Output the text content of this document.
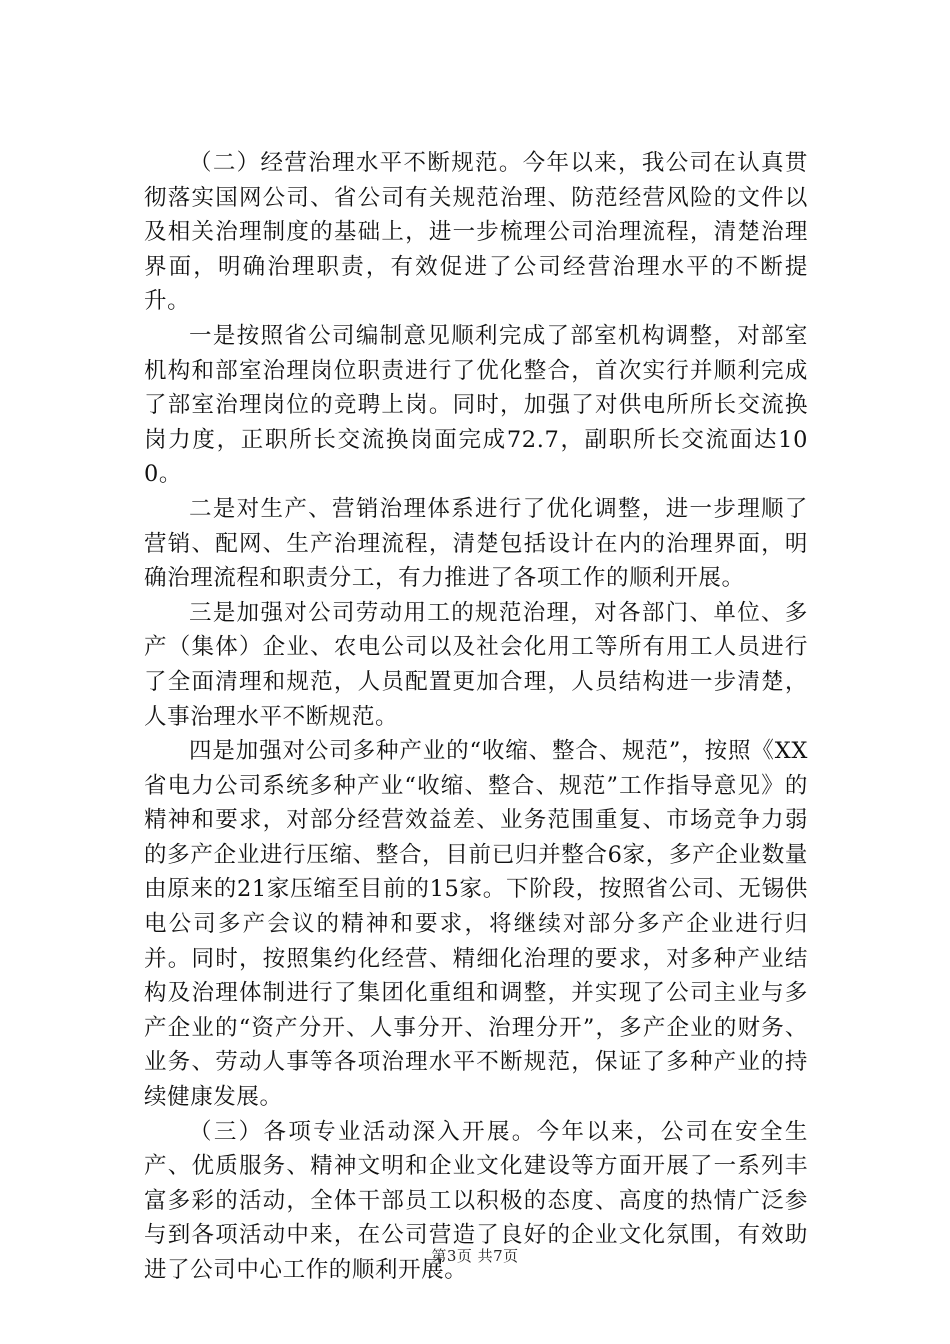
（二）经营治理水平不断规范。今年以来，我公司在认真贯彻落实国网公司、省公司有关规范治理、防范经营风险的文件以及相关治理制度的基础上，进一步梳理公司治理流程，清楚治理界面，明确治理职责，有效促进了公司经营治理水平的不断提升。

一是按照省公司编制意见顺利完成了部室机构调整，对部室机构和部室治理岗位职责进行了优化整合，首次实行并顺利完成了部室治理岗位的竞聘上岗。同时，加强了对供电所所长交流换岗力度，正职所长交流换岗面完成72.7，副职所长交流面达100。

二是对生产、营销治理体系进行了优化调整，进一步理顺了营销、配网、生产治理流程，清楚包括设计在内的治理界面，明确治理流程和职责分工，有力推进了各项工作的顺利开展。

三是加强对公司劳动用工的规范治理，对各部门、单位、多产（集体）企业、农电公司以及社会化用工等所有用工人员进行了全面清理和规范，人员配置更加合理，人员结构进一步清楚，人事治理水平不断规范。

四是加强对公司多种产业的“收缩、整合、规范”，按照《XX省电力公司系统多种产业“收缩、整合、规范”工作指导意见》的精神和要求，对部分经营效益差、业务范围重复、市场竞争力弱的多产企业进行压缩、整合，目前已归并整合6家，多产企业数量由原来的21家压缩至目前的15家。下阶段，按照省公司、无锡供电公司多产会议的精神和要求，将继续对部分多产企业进行归并。同时，按照集约化经营、精细化治理的要求，对多种产业结构及治理体制进行了集团化重组和调整，并实现了公司主业与多产企业的“资产分开、人事分开、治理分开”，多产企业的财务、业务、劳动人事等各项治理水平不断规范，保证了多种产业的持续健康发展。

（三）各项专业活动深入开展。今年以来，公司在安全生产、优质服务、精神文明和企业文化建设等方面开展了一系列丰富多彩的活动，全体干部员工以积极的态度、高度的热情广泛参与到各项活动中来，在公司营造了良好的企业文化氛围，有效助进了公司中心工作的顺利开展。

第3页 共7页
